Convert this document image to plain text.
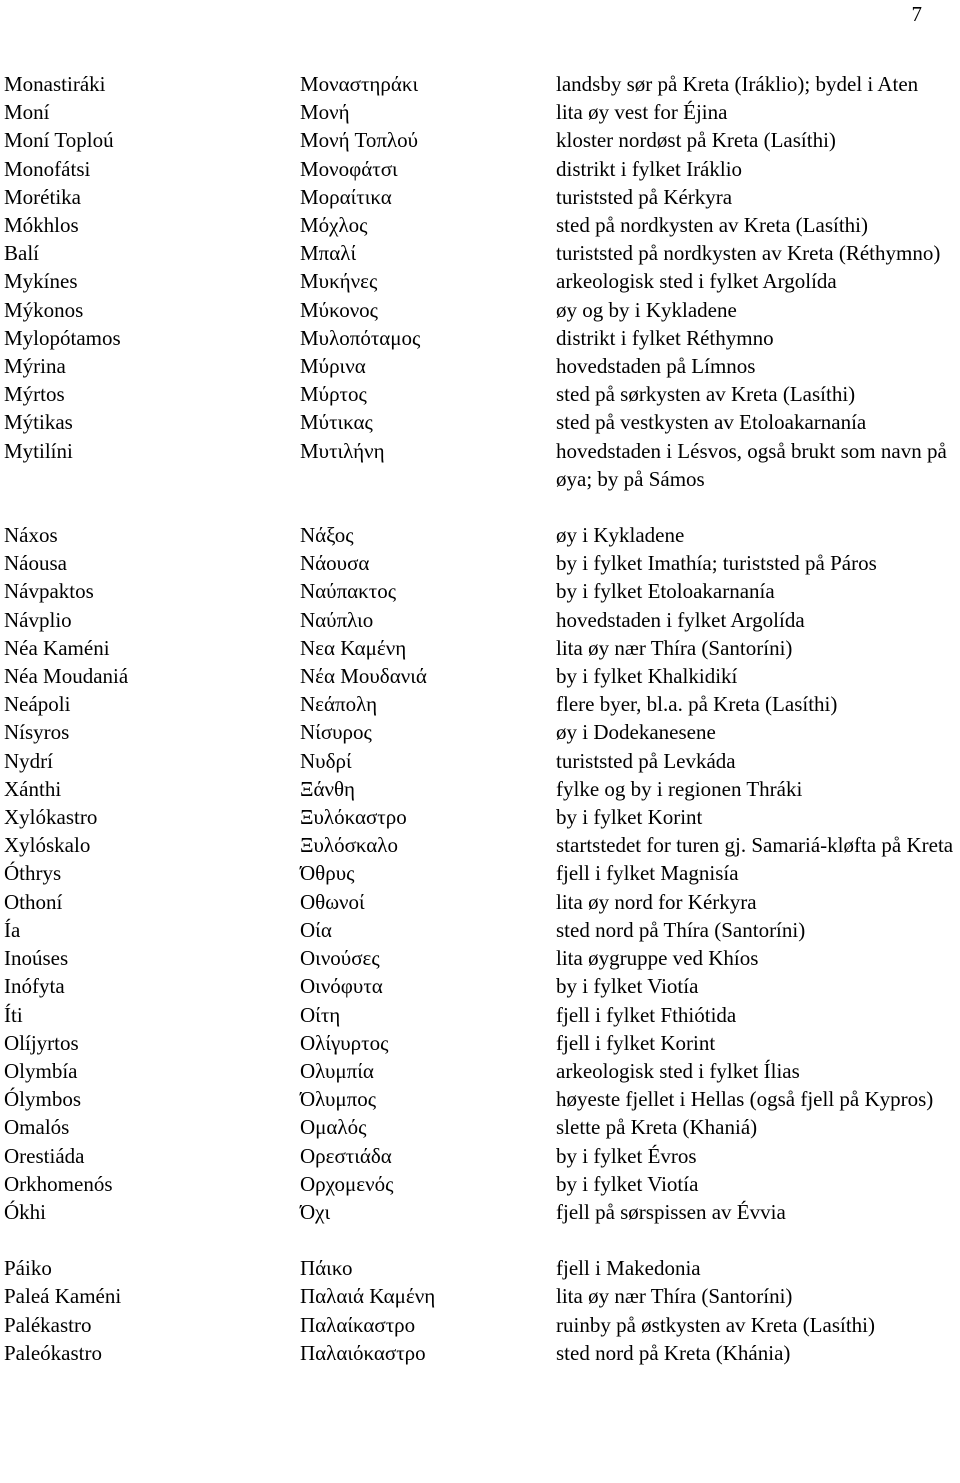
7
Monastiráki	Μοναστηράκι	landsby sør på Kreta (Iráklio); bydel i Aten
Moní	Μονή	lita øy vest for Éjina
Moní Toplоú	Μονή Τοπλού	kloster nordøst på Kreta (Lasíthi)
Monofátsi	Μονοφάτσι	distrikt i fylket Iráklio
Morétika	Μοραίτικα	turiststed på Kérkyra
Mókhlos	Μόχλος	sted på nordkysten av Kreta (Lasíthi)
Balí	Μπαλί	turiststed på nordkysten av Kreta (Réthymno)
Mykínes	Μυκήνες	arkeologisk sted i fylket Argolída
Mýkonos	Μύκονος	øy og by i Kykladene
Mylopótamos	Μυλοπόταμος	distrikt i fylket Réthymno
Mýrina	Μύρινα	hovedstaden på Límnos
Mýrtos	Μύρτος	sted på sørkysten av Kreta (Lasíthi)
Mýtikas	Μύτικας	sted på vestkysten av Etoloakarnanía
Mytilíni	Μυτιλήνη	hovedstaden i Lésvos, også brukt som navn på øya; by på Sámos
Náxos	Νάξος	øy i Kykladene
Náousa	Νάουσα	by i fylket Imathía; turiststed på Páros
Návpaktos	Ναύπακτος	by i fylket Etoloakarnanía
Návplio	Ναύπλιο	hovedstaden i fylket Argolída
Néa Kaméni	Νεα Καμένη	lita øy nær Thíra (Santoríni)
Néa Moudaniá	Νέα Μουδανιά	by i fylket Khalkidikí
Neápoli	Νεάπολη	flere byer, bl.a. på Kreta (Lasíthi)
Nísyros	Νίσυρος	øy i Dodekanesene
Nydrí	Νυδρί	turiststed på Levkáda
Xánthi	Ξάνθη	fylke og by i regionen Thráki
Xylókastro	Ξυλόκαστρο	by i fylket Korint
Xylóskalo	Ξυλόσκαλο	startstedet for turen gj. Samariá-kløfta på Kreta
Óthrys	Όθρυς	fjell i fylket Magnisía
Othoní	Οθωνοί	lita øy nord for Kérkyra
Ía	Οία	sted nord på Thíra (Santoríni)
Inoúses	Οινούσες	lita øygruppe ved Khíos
Inófyta	Οινόφυτα	by i fylket Viotía
Íti	Οίτη	fjell i fylket Fthiótida
Olíjyrtos	Ολίγυρτος	fjell i fylket Korint
Olymbía	Ολυμπία	arkeologisk sted i fylket Ílias
Ólymbos	Όλυμπος	høyeste fjellet i Hellas (også fjell på Kypros)
Omalós	Ομαλός	slette på Kreta (Khaniá)
Orestiáda	Ορεστιάδα	by i fylket Évros
Orkhomenós	Ορχομενός	by i fylket Viotía
Ókhi	Όχι	fjell på sørspissen av Évvia
Páiko	Πάικο	fjell i Makedonia
Paleá Kaméni	Παλαιά Καμένη	lita øy nær Thíra (Santoríni)
Palékastro	Παλαίκαστρο	ruinby på østkysten av Kreta (Lasíthi)
Paleókastro	Παλαιόκαστρο	sted nord på Kreta (Khánia)
